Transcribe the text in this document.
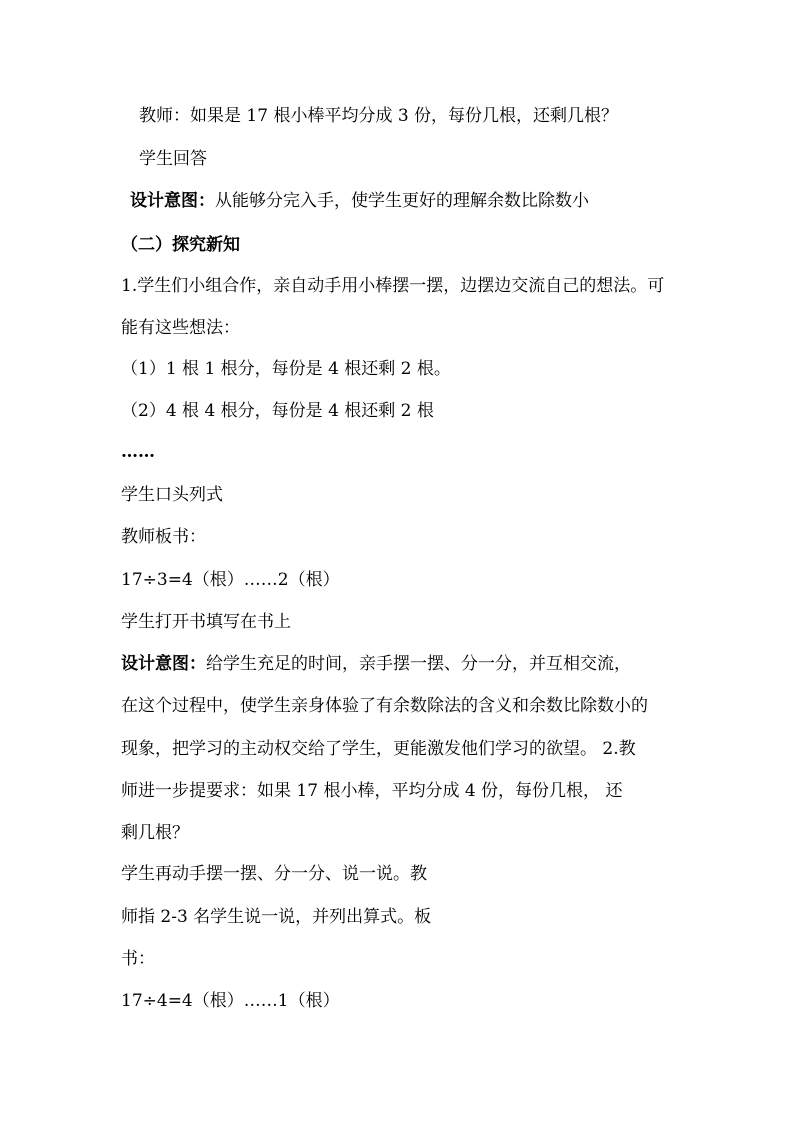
教师：如果是 17 根小棒平均分成 3 份，每份几根，还剩几根？
学生回答
设计意图：从能够分完入手，使学生更好的理解余数比除数小
（二）探究新知
1.学生们小组合作，亲自动手用小棒摆一摆，边摆边交流自己的想法。可
能有这些想法：
（1）1 根 1 根分，每份是 4 根还剩 2 根。
（2）4 根 4 根分，每份是 4 根还剩 2 根
……
学生口头列式
教师板书：
17÷3=4（根）……2（根）
学生打开书填写在书上
设计意图：给学生充足的时间，亲手摆一摆、分一分，并互相交流，
在这个过程中，使学生亲身体验了有余数除法的含义和余数比除数小的
现象，把学习的主动权交给了学生，更能激发他们学习的欲望。 2.教
师进一步提要求：如果 17 根小棒，平均分成 4 份，每份几根， 还
剩几根？
学生再动手摆一摆、分一分、说一说。教
师指 2-3 名学生说一说，并列出算式。板
书：
17÷4=4（根）……1（根）
